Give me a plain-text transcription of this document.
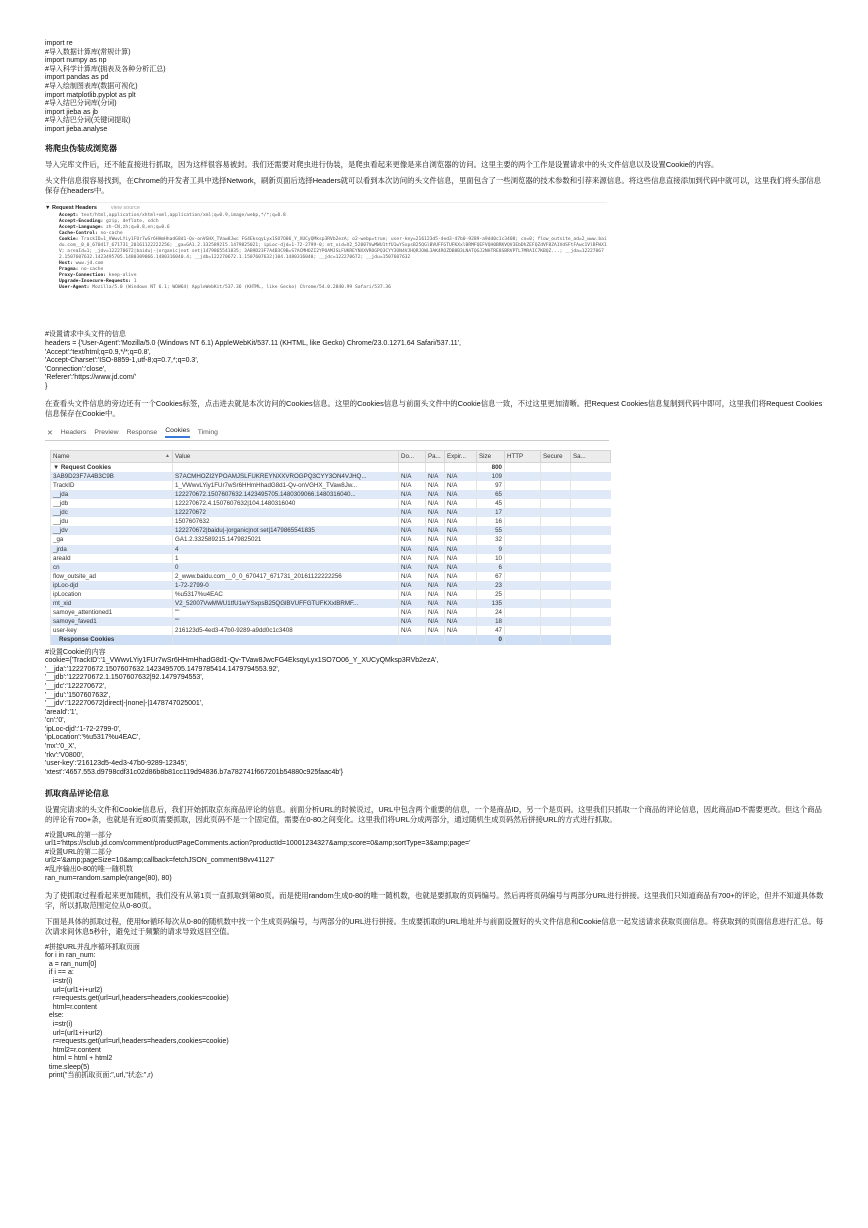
import re
#导入数据计算库(常规计算)
import numpy as np
#导入科学计算库(拥表及各种分析汇总)
import pandas as pd
#导入绘制图表库(数据可视化)
import matplotlib.pyplot as plt
#导入结巴分词库(分词)
import jieba as jb
#导入结巴分词(关键词提取)
import jieba.analyse
将爬虫伪装成浏览器

导入完库文件后，还不能直接进行抓取，因为这样很容易被封。我们还需要对爬虫进行伪装，是爬虫看起来更像是来自浏览器的访问。这里主要的两个工作是设置请求中的头文件信息以及设置Cookie的内容。

头文件信息很容易找到，在Chrome的开发者工具中选择Network，刷新页面后选择Headers就可以看到本次访问的头文件信息，里面包含了一些浏览器的技术参数和引荐来源信息。将这些信息直接添加到代码中就可以，这里我们将头部信息保存在headers中。

▼ Request Headers	view source
Accept: text/html,application/xhtml+xml,application/xml;q=0.9,image/webp,*/*;q=0.8
Accept-Encoding: gzip, deflate, sdch
Accept-Language: zh-CN,zh;q=0.8,en;q=0.6
Cache-Control: no-cache
Cookie: TrackID=1_VWwvLYiy1FUr7wSr6HHmHhadG8d1-Qv-onVGHX_TVaw8Jwc FG4EksqyLyx1SO7O06_Y_XUCyQMksp3RVb2ezA; o2-webp=true; user-key=216123d5-4ed3-47b0-9289-a9dd0c1c3408; cn=0; flow_outsite_ad=2_www.baidu.com__0_0_670417_671731_20161122222256; _ga=GA1.2.332589215.1479825021; ipLoc-djd=1-72-2799-0; mt_xid=V2_52007VwMWU1tfU1wYSxpsB25QGlBVUFFGTUFKXxlBRMFQEFVQH0BRKVQV3EbDhZEFQZdVF8ZA1VdSFtFAwc1VlBFWX1V; areaId=1; _jdv=122270672|baidu|-|organic|not set|1479865541835; 3AB9D23F7A4B3C9B=S7ACMHOZI2YPOAMJSLFUKREYNXXVROGPQ3CYY3ON4VJHQRJOWL3AK4ROZDB8B3LNATQGJ2NHTRE8SBRVPTL7MRAIC7KBQZ...; __jda=122270672.1507607632.1423495705.1480309066.1480316040.4; __jdb=122270672.1.1507607632|104.1480316040; __jdc=122270672; __jdu=1507607632
Host: www.jd.com
Pragma: no-cache
Proxy-Connection: keep-alive
Upgrade-Insecure-Requests: 1
User-Agent: Mozilla/5.0 (Windows NT 6.1; WOW64) AppleWebKit/537.36 (KHTML, like Gecko) Chrome/54.0.2840.99 Safari/537.36
#设置请求中头文件的信息
headers = {'User-Agent':'Mozilla/5.0 (Windows NT 6.1) AppleWebKit/537.11 (KHTML, like Gecko) Chrome/23.0.1271.64 Safari/537.11',
'Accept':'text/html;q=0.9,*/*;q=0.8',
'Accept-Charset':'ISO-8859-1,utf-8;q=0.7,*;q=0.3',
'Connection':'close',
'Referer':'https://www.jd.com/'
}

在查看头文件信息的旁边还有一个Cookies标签，点击进去就是本次访问的Cookies信息。这里的Cookies信息与前面头文件中的Cookie信息一致，不过这里更加清晰。把Request Cookies信息复制到代码中即可，这里我们将Request Cookies信息保存在Cookie中。

✕ Headers Preview Response Cookies Timing
Name ▲	Value	Do...	Pa...	Expir...	Size	HTTP	Secure	Sa...
▼ Request Cookies					800			
3AB9D23F7A4B3C9B	S7ACMHOZI2YPOAMJSLFUKREYNXXVROGPQ3CYY3ON4VJHQ...	N/A	N/A	N/A	109			
TrackID	1_VWwvLYiy1FUr7wSr6HHmHhadG8d1-Qv-onVGHX_TVaw8Jw...	N/A	N/A	N/A	97			
__jda	122270672.1507607632.1423495705.1480309066.1480316040...	N/A	N/A	N/A	65			
__jdb	122270672.4.1507607632|104.1480316040	N/A	N/A	N/A	45			
__jdc	122270672	N/A	N/A	N/A	17			
__jdu	1507607632	N/A	N/A	N/A	16			
__jdv	122270672|baidu|-|organic|not set|1479865541835	N/A	N/A	N/A	55			
_ga	GA1.2.332589215.1479825021	N/A	N/A	N/A	32			
_jrda	4	N/A	N/A	N/A	9			
areaId	1	N/A	N/A	N/A	10			
cn	0	N/A	N/A	N/A	6			
flow_outsite_ad	2_www.baidu.com__0_0_670417_671731_20161122222256	N/A	N/A	N/A	67			
ipLoc-djd	1-72-2799-0	N/A	N/A	N/A	23			
ipLocation	%u5317%u4EAC	N/A	N/A	N/A	25			
mt_xid	V2_52007VwMWU1tfU1wYSxpsB25QGlBVUFFGTUFKXxlBRMF...	N/A	N/A	N/A	135			
samoye_attentioned1	""	N/A	N/A	N/A	24			
samoye_faved1	""	N/A	N/A	N/A	18			
user-key	216123d5-4ed3-47b0-9289-a9dd0c1c3408	N/A	N/A	N/A	47			
Response Cookies					0			
#设置Cookie的内容
cookie={'TrackID':'1_VWwvLYiy1FUr7wSr6HHmHhadG8d1-Qv-TVaw8JwcFG4EksqyLyx1SO7O06_Y_XUCyQMksp3RVb2ezA',
'__jda':'122270672.1507607632.1423495705.1479785414.1479794553.92',
'__jdb':'122270672.1.1507607632|92.1479794553',
'__jdc':'122270672',
'__jdu':'1507607632',
'__jdv':'122270672|direct|-|none|-|1478747025001',
'areaId':'1',
'cn':'0',
'ipLoc-djd':'1-72-2799-0',
'ipLocation':'%u5317%u4EAC',
'mx':'0_X',
'rkv':'V0800',
'user-key':'216123d5-4ed3-47b0-9289-12345',
'xtest':'4657.553.d9798cdf31c02d86b8b81cc119d94836.b7a782741f667201b54880c925faac4b'}
抓取商品评论信息

设置完请求的头文件和Cookie信息后，我们开始抓取京东商品评论的信息。前面分析URL的时候说过，URL中包含两个重要的信息，一个是商品ID，另一个是页码。这里我们只抓取一个商品的评论信息，因此商品ID不需要更改。但这个商品的评论有700+条，也就是有近80页需要抓取，因此页码不是一个固定值，需要在0-80之间变化。这里我们将URL分成两部分，通过随机生成页码然后拼接URL的方式进行抓取。

#设置URL的第一部分
url1='https://sclub.jd.com/comment/productPageComments.action?productId=10001234327&amp;score=0&amp;sortType=3&amp;page='
#设置URL的第二部分
url2='&amp;pageSize=10&amp;callback=fetchJSON_comment98vv41127'
#乱序输出0-80的唯一随机数
ran_num=random.sample(range(80), 80)

为了使抓取过程看起来更加随机，我们没有从第1页一直抓取到第80页。而是使用random生成0-80的唯一随机数，也就是要抓取的页码编号。然后再将页码编号与两部分URL进行拼接。这里我们只知道商品有700+的评论，但并不知道具体数字，所以抓取范围定位从0-80页。

下面是具体的抓取过程，使用for循环每次从0-80的随机数中找一个生成页码编号，与两部分的URL进行拼接。生成要抓取的URL地址并与前面设置好的头文件信息和Cookie信息一起发送请求获取页面信息。将获取到的页面信息进行汇总。每次请求间休息5秒针，避免过于频繁的请求导致返回空值。

#拼接URL并乱序循环抓取页面
for i in ran_num:
a = ran_num[0]
if i == a:
i=str(i)
url=(url1+i+url2)
r=requests.get(url=url,headers=headers,cookies=cookie)
html=r.content
else:
i=str(i)
url=(url1+i+url2)
r=requests.get(url=url,headers=headers,cookies=cookie)
html2=r.content
html = html + html2
time.sleep(5)
print("当前抓取页面:",url,"状态:",r)
